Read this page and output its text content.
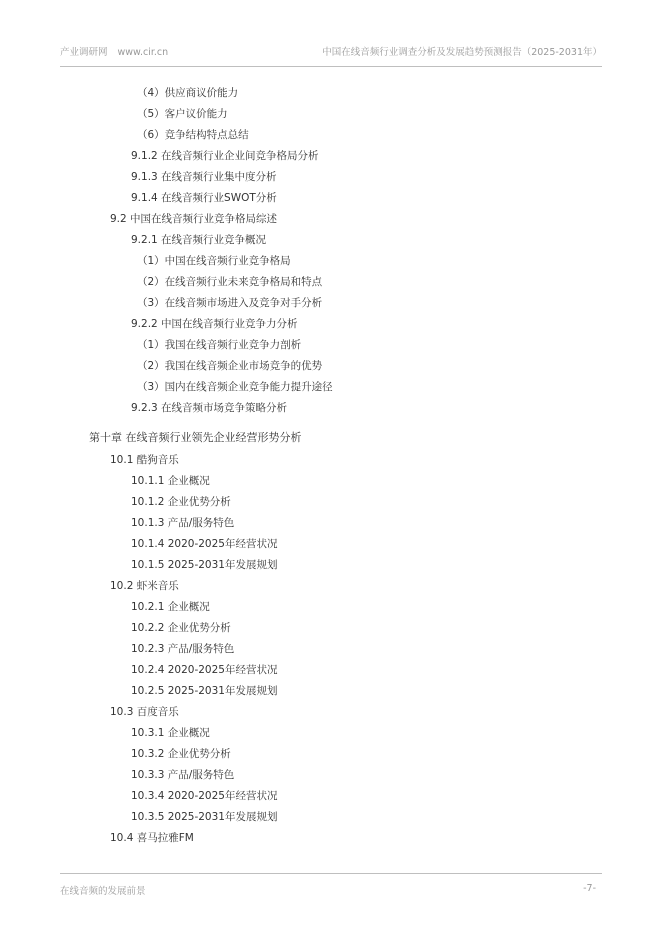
产业调研网 www.cir.cn	中国在线音频行业调查分析及发展趋势预测报告（2025-2031年）
（4）供应商议价能力
（5）客户议价能力
（6）竞争结构特点总结
9.1.2 在线音频行业企业间竞争格局分析
9.1.3 在线音频行业集中度分析
9.1.4 在线音频行业SWOT分析
9.2 中国在线音频行业竞争格局综述
9.2.1 在线音频行业竞争概况
（1）中国在线音频行业竞争格局
（2）在线音频行业未来竞争格局和特点
（3）在线音频市场进入及竞争对手分析
9.2.2 中国在线音频行业竞争力分析
（1）我国在线音频行业竞争力剖析
（2）我国在线音频企业市场竞争的优势
（3）国内在线音频企业竞争能力提升途径
9.2.3 在线音频市场竞争策略分析
第十章 在线音频行业领先企业经营形势分析
10.1 酷狗音乐
10.1.1 企业概况
10.1.2 企业优势分析
10.1.3 产品/服务特色
10.1.4 2020-2025年经营状况
10.1.5 2025-2031年发展规划
10.2 虾米音乐
10.2.1 企业概况
10.2.2 企业优势分析
10.2.3 产品/服务特色
10.2.4 2020-2025年经营状况
10.2.5 2025-2031年发展规划
10.3 百度音乐
10.3.1 企业概况
10.3.2 企业优势分析
10.3.3 产品/服务特色
10.3.4 2020-2025年经营状况
10.3.5 2025-2031年发展规划
10.4 喜马拉雅FM
在线音频的发展前景	-7-
